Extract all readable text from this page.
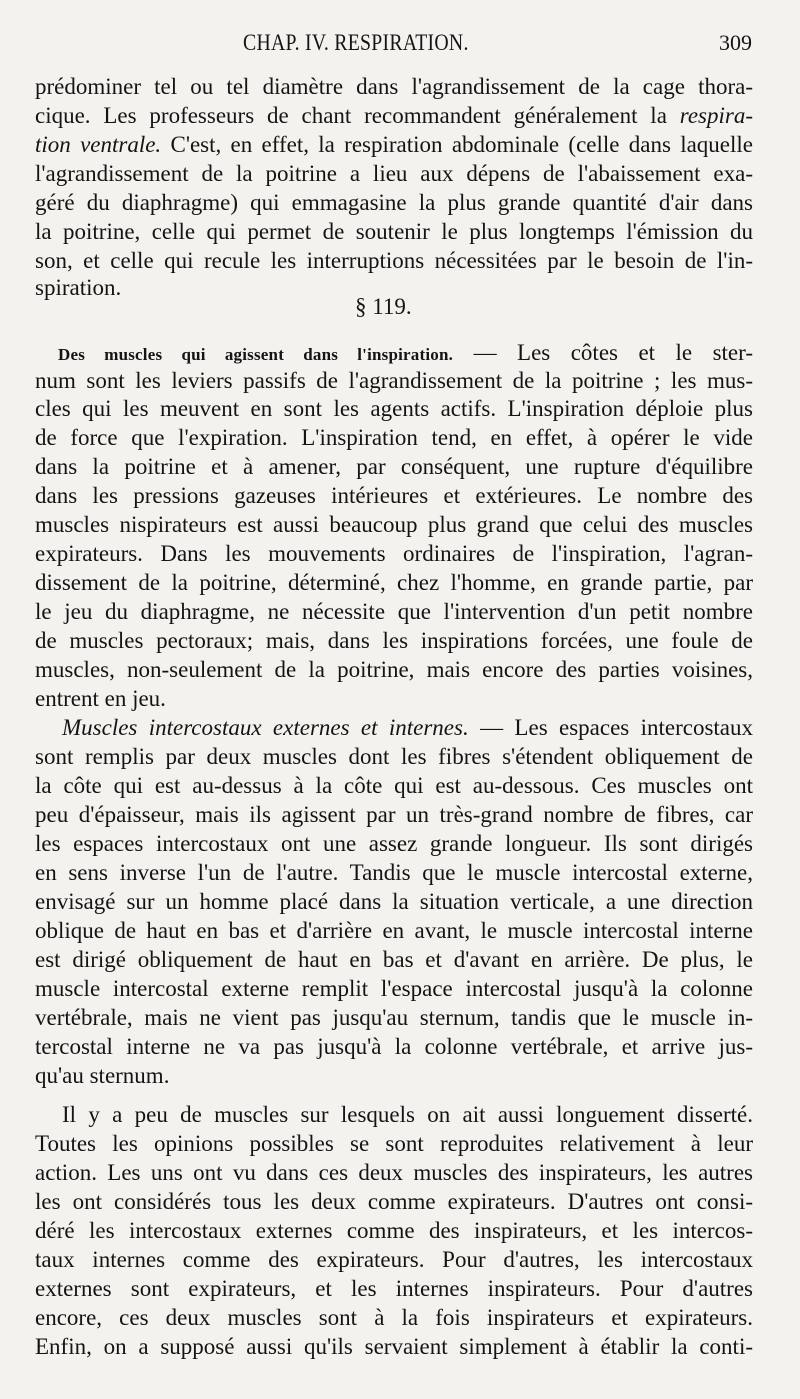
CHAP. IV. RESPIRATION.	309
prédominer tel ou tel diamètre dans l'agrandissement de la cage thora-
cique. Les professeurs de chant recommandent généralement la respira-
tion ventrale. C'est, en effet, la respiration abdominale (celle dans laquelle
l'agrandissement de la poitrine a lieu aux dépens de l'abaissement exa-
géré du diaphragme) qui emmagasine la plus grande quantité d'air dans
la poitrine, celle qui permet de soutenir le plus longtemps l'émission du
son, et celle qui recule les interruptions nécessitées par le besoin de l'in-
spiration.
§ 119.
Des muscles qui agissent dans l'inspiration. — Les côtes et le ster-
num sont les leviers passifs de l'agrandissement de la poitrine ; les mus-
cles qui les meuvent en sont les agents actifs. L'inspiration déploie plus
de force que l'expiration. L'inspiration tend, en effet, à opérer le vide
dans la poitrine et à amener, par conséquent, une rupture d'équilibre
dans les pressions gazeuses intérieures et extérieures. Le nombre des
muscles nispirateurs est aussi beaucoup plus grand que celui des muscles
expirateurs. Dans les mouvements ordinaires de l'inspiration, l'agran-
dissement de la poitrine, déterminé, chez l'homme, en grande partie, par
le jeu du diaphragme, ne nécessite que l'intervention d'un petit nombre
de muscles pectoraux; mais, dans les inspirations forcées, une foule de
muscles, non-seulement de la poitrine, mais encore des parties voisines,
entrent en jeu.
Muscles intercostaux externes et internes. — Les espaces intercostaux
sont remplis par deux muscles dont les fibres s'étendent obliquement de
la côte qui est au-dessus à la côte qui est au-dessous. Ces muscles ont
peu d'épaisseur, mais ils agissent par un très-grand nombre de fibres, car
les espaces intercostaux ont une assez grande longueur. Ils sont dirigés
en sens inverse l'un de l'autre. Tandis que le muscle intercostal externe,
envisagé sur un homme placé dans la situation verticale, a une direction
oblique de haut en bas et d'arrière en avant, le muscle intercostal interne
est dirigé obliquement de haut en bas et d'avant en arrière. De plus, le
muscle intercostal externe remplit l'espace intercostal jusqu'à la colonne
vertébrale, mais ne vient pas jusqu'au sternum, tandis que le muscle in-
tercostal interne ne va pas jusqu'à la colonne vertébrale, et arrive jus-
qu'au sternum.
Il y a peu de muscles sur lesquels on ait aussi longuement disserté.
Toutes les opinions possibles se sont reproduites relativement à leur
action. Les uns ont vu dans ces deux muscles des inspirateurs, les autres
les ont considérés tous les deux comme expirateurs. D'autres ont consi-
déré les intercostaux externes comme des inspirateurs, et les intercos-
taux internes comme des expirateurs. Pour d'autres, les intercostaux
externes sont expirateurs, et les internes inspirateurs. Pour d'autres
encore, ces deux muscles sont à la fois inspirateurs et expirateurs.
Enfin, on a supposé aussi qu'ils servaient simplement à établir la conti-
